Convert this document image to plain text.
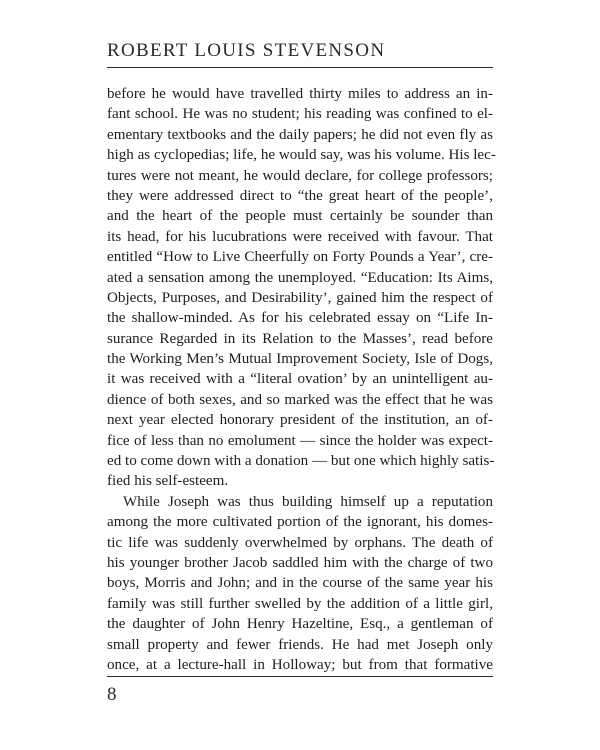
ROBERT LOUIS STEVENSON
before he would have travelled thirty miles to address an in-
fant school. He was no student; his reading was confined to el-
ementary textbooks and the daily papers; he did not even fly as
high as cyclopedias; life, he would say, was his volume. His lec-
tures were not meant, he would declare, for college professors;
they were addressed direct to “the great heart of the people’,
and the heart of the people must certainly be sounder than
its head, for his lucubrations were received with favour. That
entitled “How to Live Cheerfully on Forty Pounds a Year’, cre-
ated a sensation among the unemployed. “Education: Its Aims,
Objects, Purposes, and Desirability’, gained him the respect of
the shallow-minded. As for his celebrated essay on “Life In-
surance Regarded in its Relation to the Masses’, read before
the Working Men’s Mutual Improvement Society, Isle of Dogs,
it was received with a “literal ovation’ by an unintelligent au-
dience of both sexes, and so marked was the effect that he was
next year elected honorary president of the institution, an of-
fice of less than no emolument — since the holder was expect-
ed to come down with a donation — but one which highly satis-
fied his self-esteem.
While Joseph was thus building himself up a reputation
among the more cultivated portion of the ignorant, his domes-
tic life was suddenly overwhelmed by orphans. The death of
his younger brother Jacob saddled him with the charge of two
boys, Morris and John; and in the course of the same year his
family was still further swelled by the addition of a little girl,
the daughter of John Henry Hazeltine, Esq., a gentleman of
small property and fewer friends. He had met Joseph only
once, at a lecture-hall in Holloway; but from that formative
8
